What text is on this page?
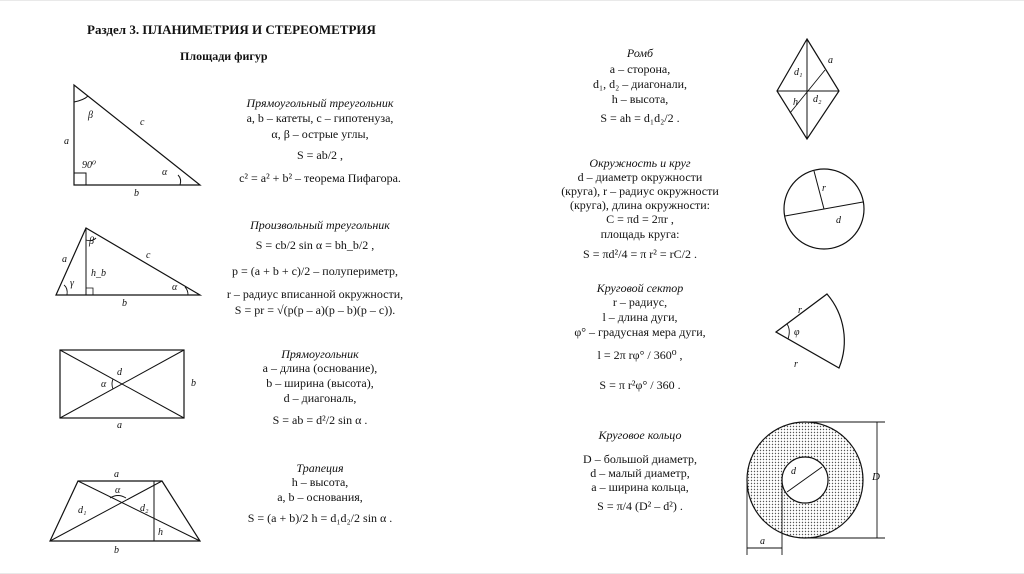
Раздел 3. ПЛАНИМЕТРИЯ И СТЕРЕОМЕТРИЯ
Площади фигур
a
b
c
β
α
90⁰
Прямоугольный треугольник
a, b – катеты, c – гипотенуза,
α, β – острые углы,
S = ab/2 ,
c² = a² + b² – теорема Пифагора.
a
b
c
β
γ	α
h_b
Произвольный треугольник
S = cb/2 sin α = bh_b/2 ,
p = (a + b + c)/2 – полупериметр,
r – радиус вписанной окружности,
S = pr = √(p(p – a)(p – b)(p – c)).
b
a
d
α
Прямоугольник
a – длина (основание),
b – ширина (высота),
d – диагональ,
S = ab = d²/2 sin α .
a
b
d₁	d₂
h
α
Трапеция
h – высота,
a, b – основания,
S = (a + b)/2 h = d₁d₂/2 sin α .
Ромб
a – сторона,
d₁, d₂ – диагонали,
h – высота,
S = ah = d₁d₂/2 .
a
d₁
d₂
h
Окружность и круг
d – диаметр окружности
(круга), r – радиус окружности
(круга), длина окружности:
C = πd = 2πr ,
площадь круга:
S = πd²/4 = π r² = rC/2 .
r
d
Круговой сектор
r – радиус,
l – длина дуги,
φ° – градусная мера дуги,
l = 2π rφ° / 360⁰ ,
S = π r²φ° / 360 .
r
r
φ
Круговое кольцо
D – большой диаметр,
d – малый диаметр,
a – ширина кольца,
S = π/4 (D² – d²) .
D
d
a
